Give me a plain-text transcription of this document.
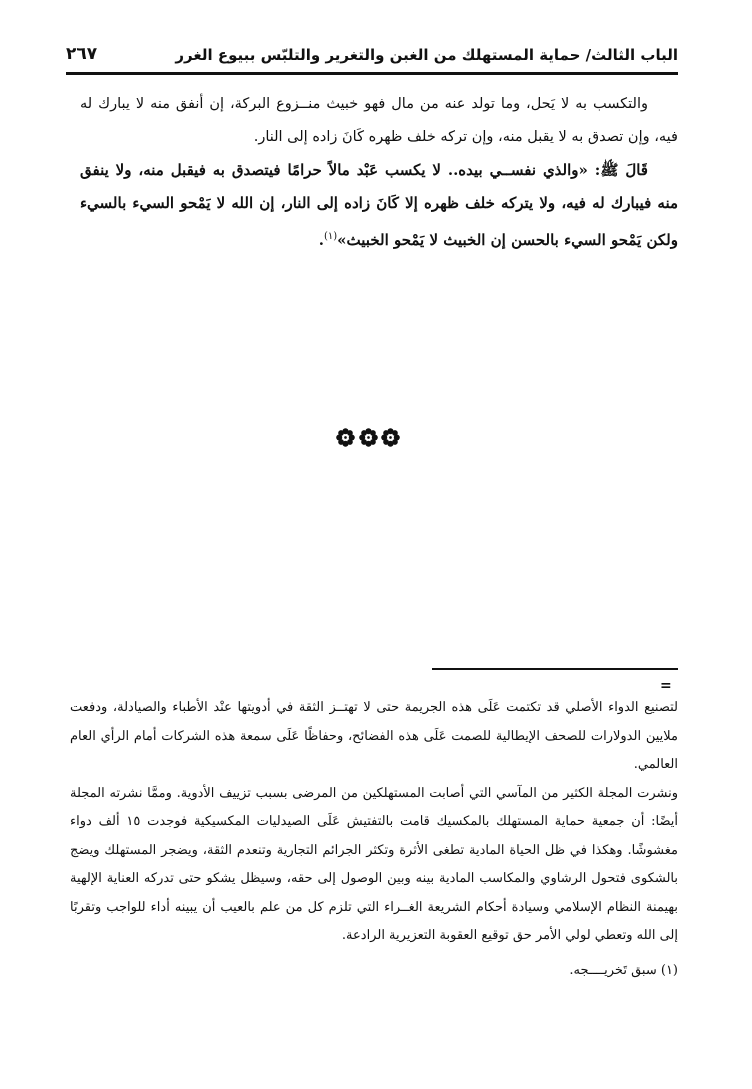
الباب الثالث/ حماية المستهلك من الغبن والتغرير والتلبّس ببيوع الغرر
٢٦٧

والتكسب به لا يَحل، وما تولد عنه من مال فهو خبيث منــزوع البركة، إن أنفق منه لا يبارك له فيه، وإن تصدق به لا يقبل منه، وإن تركه خلف ظهره كَانَ زاده إلى النار.

قَالَ ﷺ: «والذي نفســي بيده.. لا يكسب عَبْد مالاً حرامًا فيتصدق به فيقبل منه، ولا ينفق منه فيبارك له فيه، ولا يتركه خلف ظهره إلا كَانَ زاده إلى النار، إن الله لا يَمْحو السيء بالسيء ولكن يَمْحو السيء بالحسن إن الخبيث لا يَمْحو الخبيث»$^{(١)}$.

=

لتصنيع الدواء الأصلي قد تكتمت عَلَى هذه الجريمة حتى لا تهتــز الثقة في أدويتها عنْد الأطباء والصيادلة، ودفعت ملايين الدولارات للصحف الإيطالية للصمت عَلَى هذه الفضائح، وحفاظًا عَلَى سمعة هذه الشركات أمام الرأي العام العالمي.

ونشرت المجلة الكثير من المآسي التي أصابت المستهلكين من المرضى بسبب تزييف الأدوية. وممَّا نشرته المجلة أيضًا: أن جمعية حماية المستهلك بالمكسيك قامت بالتفتيش عَلَى الصيدليات المكسيكية فوجدت ١٥ ألف دواء مغشوشًا. وهكذا في ظل الحياة المادية تطغى الأثرة وتكثر الجرائم التجارية وتنعدم الثقة، ويضجر المستهلك ويضج بالشكوى فتحول الرشاوي والمكاسب المادية بينه وبين الوصول إلى حقه، وسيظل يشكو حتى تدركه العناية الإلهية بهيمنة النظام الإسلامي وسيادة أحكام الشريعة الغــراء التي تلزم كل من علم بالعيب أن يبينه أداء للواجب وتقربًا إلى الله وتعطي لولي الأمر حق توقيع العقوبة التعزيرية الرادعة.

(١) سبق تَخريــــجه.
